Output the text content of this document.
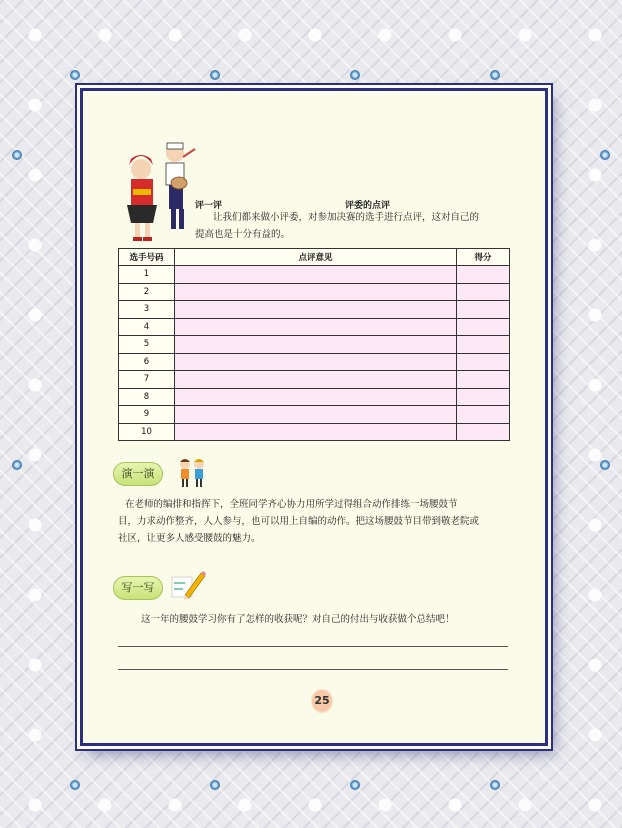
评一评	评委的点评
让我们都来做小评委，对参加决赛的选手进行点评，这对自己的
提高也是十分有益的。
选手号码	点评意见	得分
1		
2		
3		
4		
5		
6		
7		
8		
9		
10		
演一演
在老师的编排和指挥下，全班同学齐心协力用所学过得组合动作排练一场腰鼓节
目，力求动作整齐，人人参与，也可以用上自编的动作。把这场腰鼓节目带到敬老院或
社区，让更多人感受腰鼓的魅力。
写一写
这一年的腰鼓学习你有了怎样的收获呢？对自己的付出与收获做个总结吧！
25
